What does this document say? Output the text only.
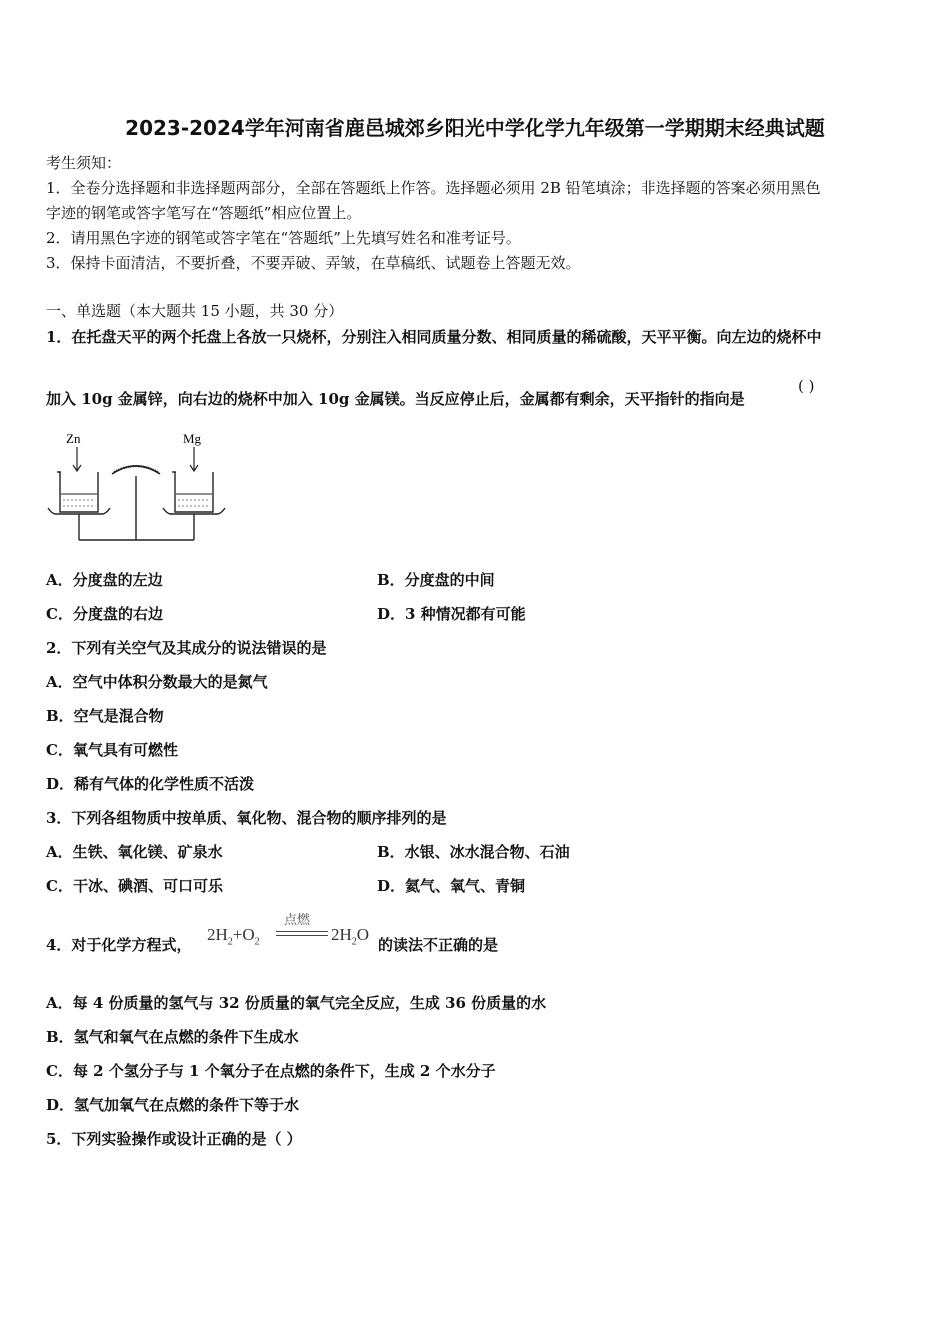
2023-2024学年河南省鹿邑城郊乡阳光中学化学九年级第一学期期末经典试题
考生须知：
1．全卷分选择题和非选择题两部分，全部在答题纸上作答。选择题必须用 2B 铅笔填涂；非选择题的答案必须用黑色
字迹的钢笔或答字笔写在“答题纸”相应位置上。
2．请用黑色字迹的钢笔或答字笔在“答题纸”上先填写姓名和准考证号。
3．保持卡面清洁，不要折叠，不要弄破、弄皱，在草稿纸、试题卷上答题无效。
一、单选题（本大题共 15 小题，共 30 分）
1．在托盘天平的两个托盘上各放一只烧杯，分别注入相同质量分数、相同质量的稀硫酸，天平平衡。向左边的烧杯中
加入 10g 金属锌，向右边的烧杯中加入 10g 金属镁。当反应停止后，金属都有剩余，天平指针的指向是
( )
Zn	Mg
A．分度盘的左边	B．分度盘的中间
C．分度盘的右边	D．3 种情况都有可能
2．下列有关空气及其成分的说法错误的是
A．空气中体积分数最大的是氮气
B．空气是混合物
C．氧气具有可燃性
D．稀有气体的化学性质不活泼
3．下列各组物质中按单质、氧化物、混合物的顺序排列的是
A．生铁、氧化镁、矿泉水	B．水银、冰水混合物、石油
C．干冰、碘酒、可口可乐	D．氦气、氧气、青铜
4．对于化学方程式，
$2H_2+O_2$
点燃
$2H_2O$
的读法不正确的是
A．每 4 份质量的氢气与 32 份质量的氧气完全反应，生成 36 份质量的水
B．氢气和氧气在点燃的条件下生成水
C．每 2 个氢分子与 1 个氧分子在点燃的条件下，生成 2 个水分子
D．氢气加氧气在点燃的条件下等于水
5．下列实验操作或设计正确的是（ ）
